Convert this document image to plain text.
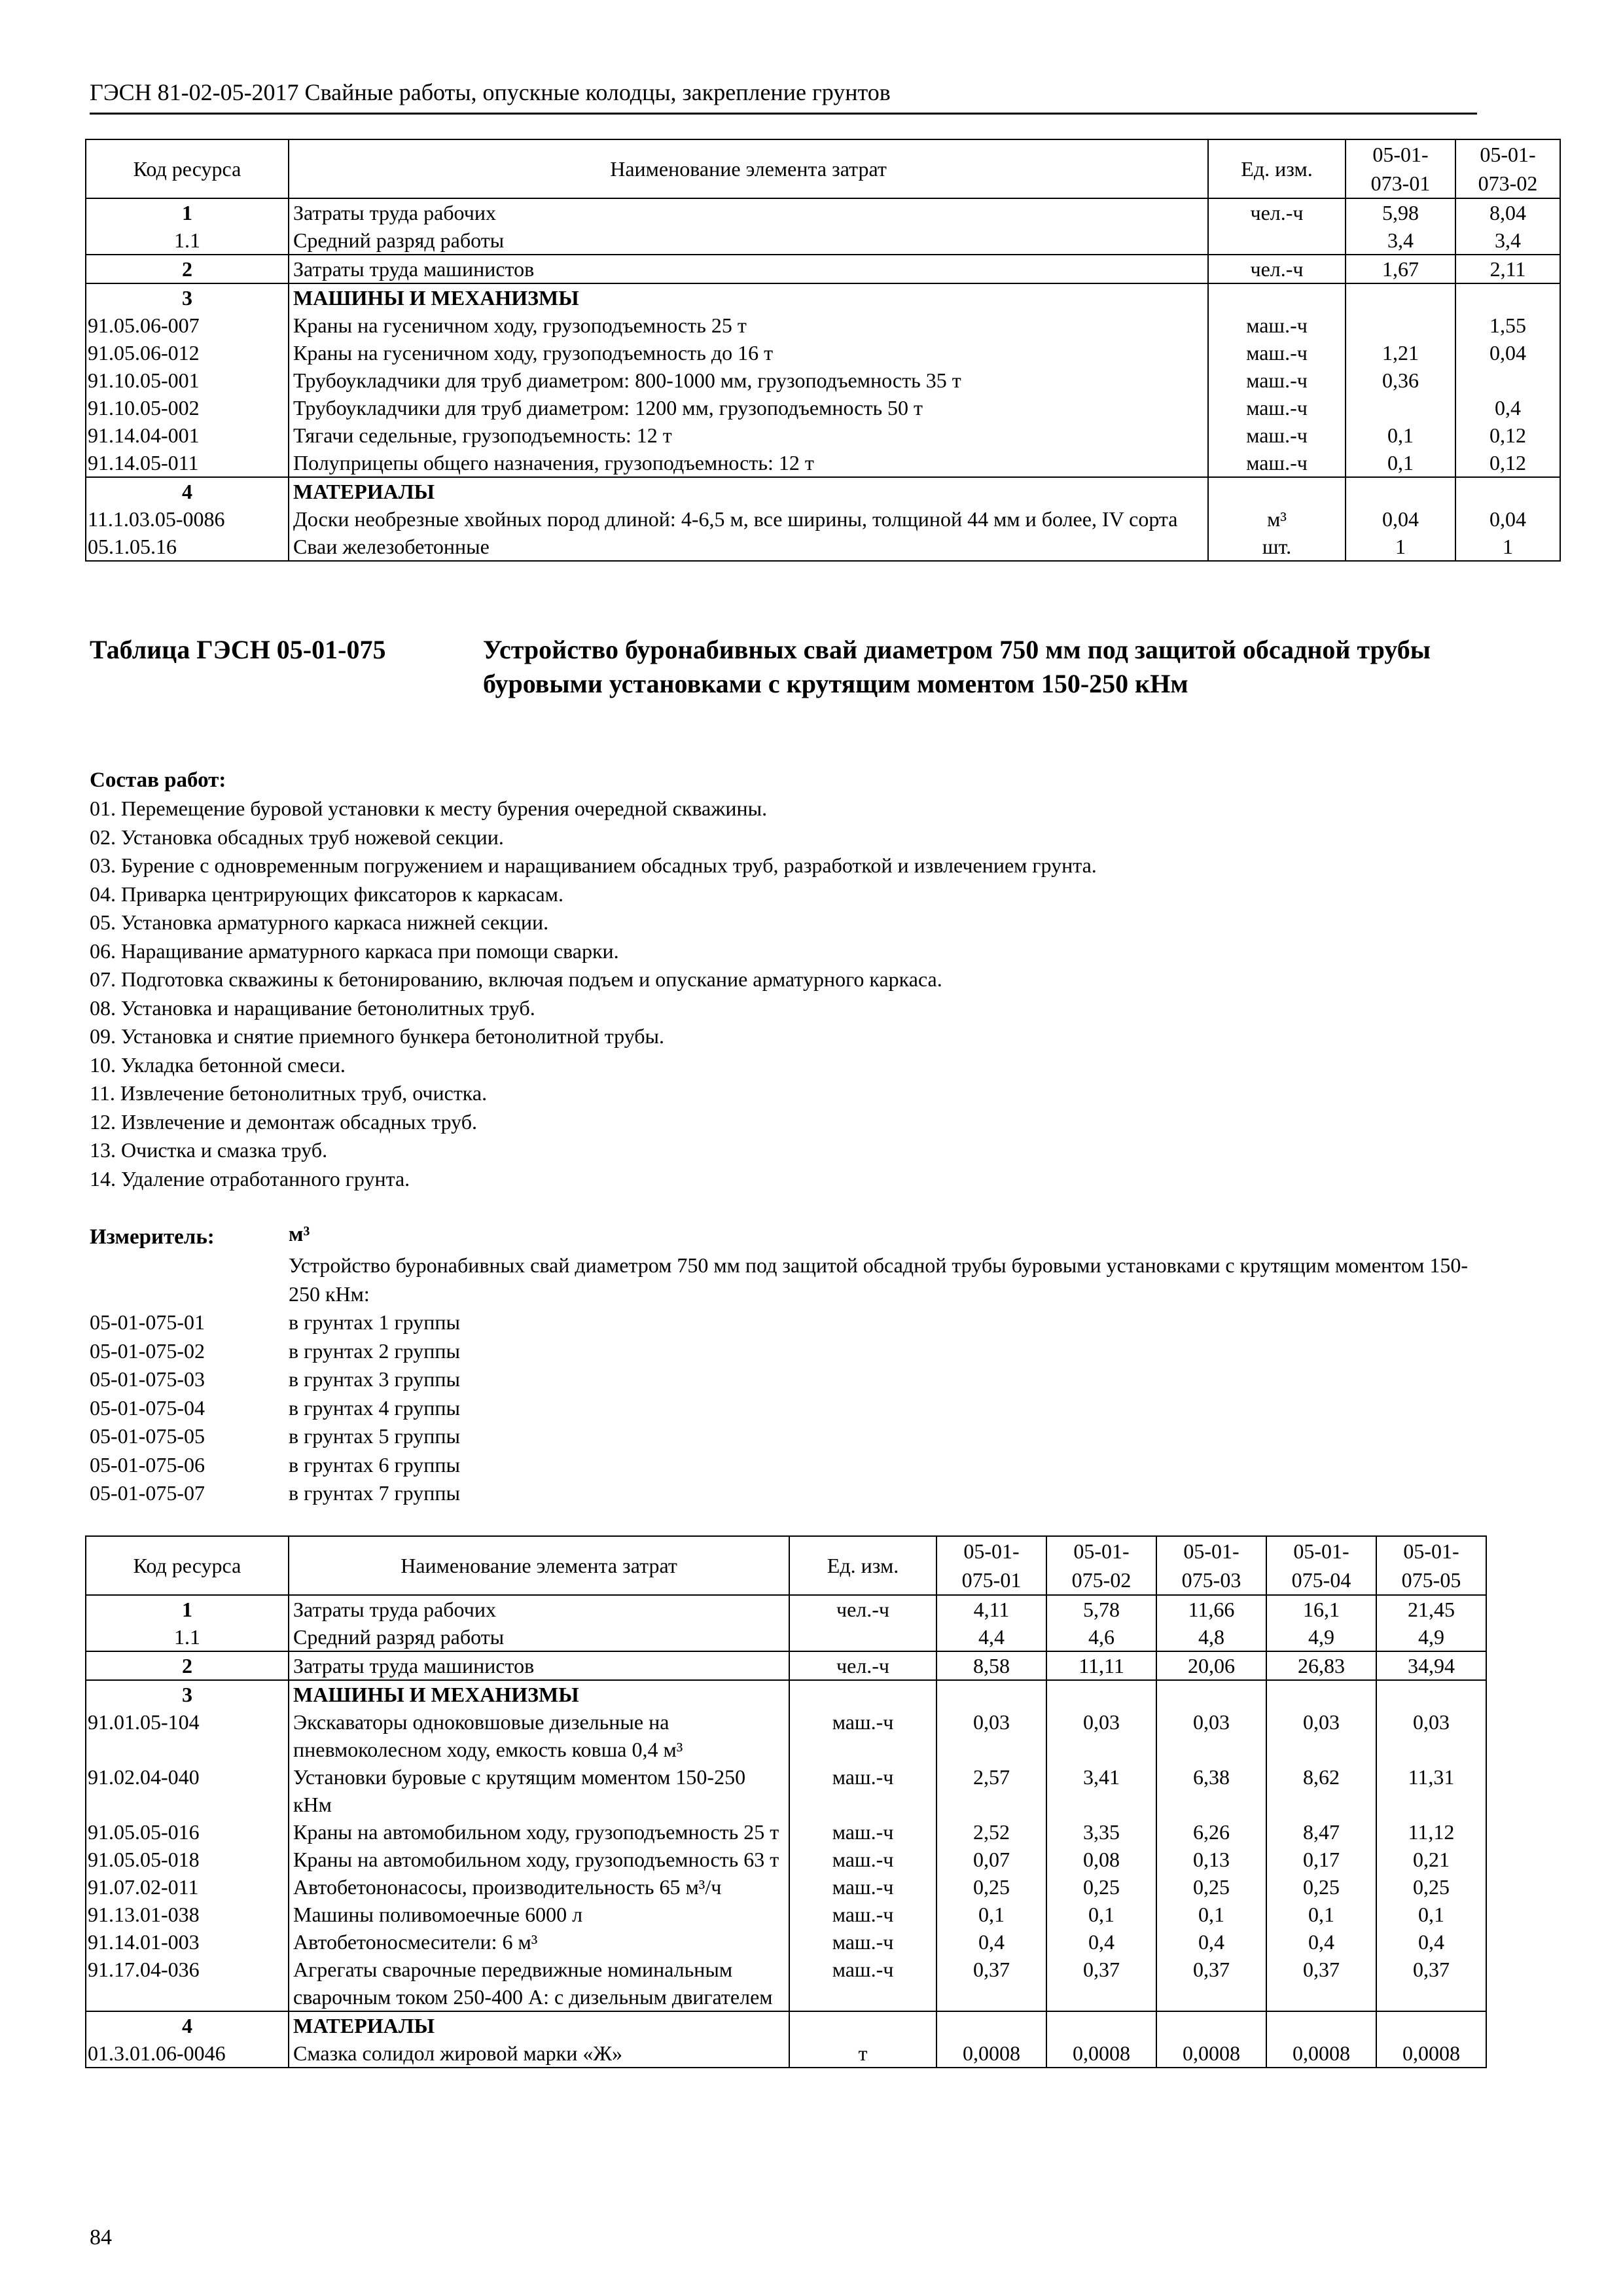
ГЭСН 81-02-05-2017 Свайные работы, опускные колодцы, закрепление грунтов
Код ресурса	Наименование элемента затрат	Ед. изм.	05-01-
073-01	05-01-
073-02
1	Затраты труда рабочих	чел.-ч	5,98	8,04
1.1	Средний разряд работы		3,4	3,4
2	Затраты труда машинистов	чел.-ч	1,67	2,11
3	МАШИНЫ И МЕХАНИЗМЫ			
91.05.06-007	Краны на гусеничном ходу, грузоподъемность 25 т	маш.-ч		1,55
91.05.06-012	Краны на гусеничном ходу, грузоподъемность до 16 т	маш.-ч	1,21	0,04
91.10.05-001	Трубоукладчики для труб диаметром: 800-1000 мм, грузоподъемность 35 т	маш.-ч	0,36	
91.10.05-002	Трубоукладчики для труб диаметром: 1200 мм, грузоподъемность 50 т	маш.-ч		0,4
91.14.04-001	Тягачи седельные, грузоподъемность: 12 т	маш.-ч	0,1	0,12
91.14.05-011	Полуприцепы общего назначения, грузоподъемность: 12 т	маш.-ч	0,1	0,12
4	МАТЕРИАЛЫ			
11.1.03.05-0086	Доски необрезные хвойных пород длиной: 4-6,5 м, все ширины, толщиной 44 мм и более, IV сорта	м³	0,04	0,04
05.1.05.16	Сваи железобетонные	шт.	1	1
Таблица ГЭСН 05-01-075	Устройство буронабивных свай диаметром 750 мм под защитой обсадной трубы буровыми установками с крутящим моментом 150-250 кНм
Состав работ:
01. Перемещение буровой установки к месту бурения очередной скважины.
02. Установка обсадных труб ножевой секции.
03. Бурение с одновременным погружением и наращиванием обсадных труб, разработкой и извлечением грунта.
04. Приварка центрирующих фиксаторов к каркасам.
05. Установка арматурного каркаса нижней секции.
06. Наращивание арматурного каркаса при помощи сварки.
07. Подготовка скважины к бетонированию, включая подъем и опускание арматурного каркаса.
08. Установка и наращивание бетонолитных труб.
09. Установка и снятие приемного бункера бетонолитной трубы.
10. Укладка бетонной смеси.
11. Извлечение бетонолитных труб, очистка.
12. Извлечение и демонтаж обсадных труб.
13. Очистка и смазка труб.
14. Удаление отработанного грунта.
Измеритель:	м³
Устройство буронабивных свай диаметром 750 мм под защитой обсадной трубы буровыми установками с крутящим моментом 150-250 кНм:
05-01-075-01	в грунтах 1 группы
05-01-075-02	в грунтах 2 группы
05-01-075-03	в грунтах 3 группы
05-01-075-04	в грунтах 4 группы
05-01-075-05	в грунтах 5 группы
05-01-075-06	в грунтах 6 группы
05-01-075-07	в грунтах 7 группы
Код ресурса	Наименование элемента затрат	Ед. изм.	05-01-
075-01	05-01-
075-02	05-01-
075-03	05-01-
075-04	05-01-
075-05
1	Затраты труда рабочих	чел.-ч	4,11	5,78	11,66	16,1	21,45
1.1	Средний разряд работы		4,4	4,6	4,8	4,9	4,9
2	Затраты труда машинистов	чел.-ч	8,58	11,11	20,06	26,83	34,94
3	МАШИНЫ И МЕХАНИЗМЫ						
91.01.05-104	Экскаваторы одноковшовые дизельные на пневмоколесном ходу, емкость ковша 0,4 м³	маш.-ч	0,03	0,03	0,03	0,03	0,03
91.02.04-040	Установки буровые с крутящим моментом 150-250 кНм	маш.-ч	2,57	3,41	6,38	8,62	11,31
91.05.05-016	Краны на автомобильном ходу, грузоподъемность 25 т	маш.-ч	2,52	3,35	6,26	8,47	11,12
91.05.05-018	Краны на автомобильном ходу, грузоподъемность 63 т	маш.-ч	0,07	0,08	0,13	0,17	0,21
91.07.02-011	Автобетононасосы, производительность 65 м³/ч	маш.-ч	0,25	0,25	0,25	0,25	0,25
91.13.01-038	Машины поливомоечные 6000 л	маш.-ч	0,1	0,1	0,1	0,1	0,1
91.14.01-003	Автобетоносмесители: 6 м³	маш.-ч	0,4	0,4	0,4	0,4	0,4
91.17.04-036	Агрегаты сварочные передвижные номинальным сварочным током 250-400 А: с дизельным двигателем	маш.-ч	0,37	0,37	0,37	0,37	0,37
4	МАТЕРИАЛЫ						
01.3.01.06-0046	Смазка солидол жировой марки «Ж»	т	0,0008	0,0008	0,0008	0,0008	0,0008
84
